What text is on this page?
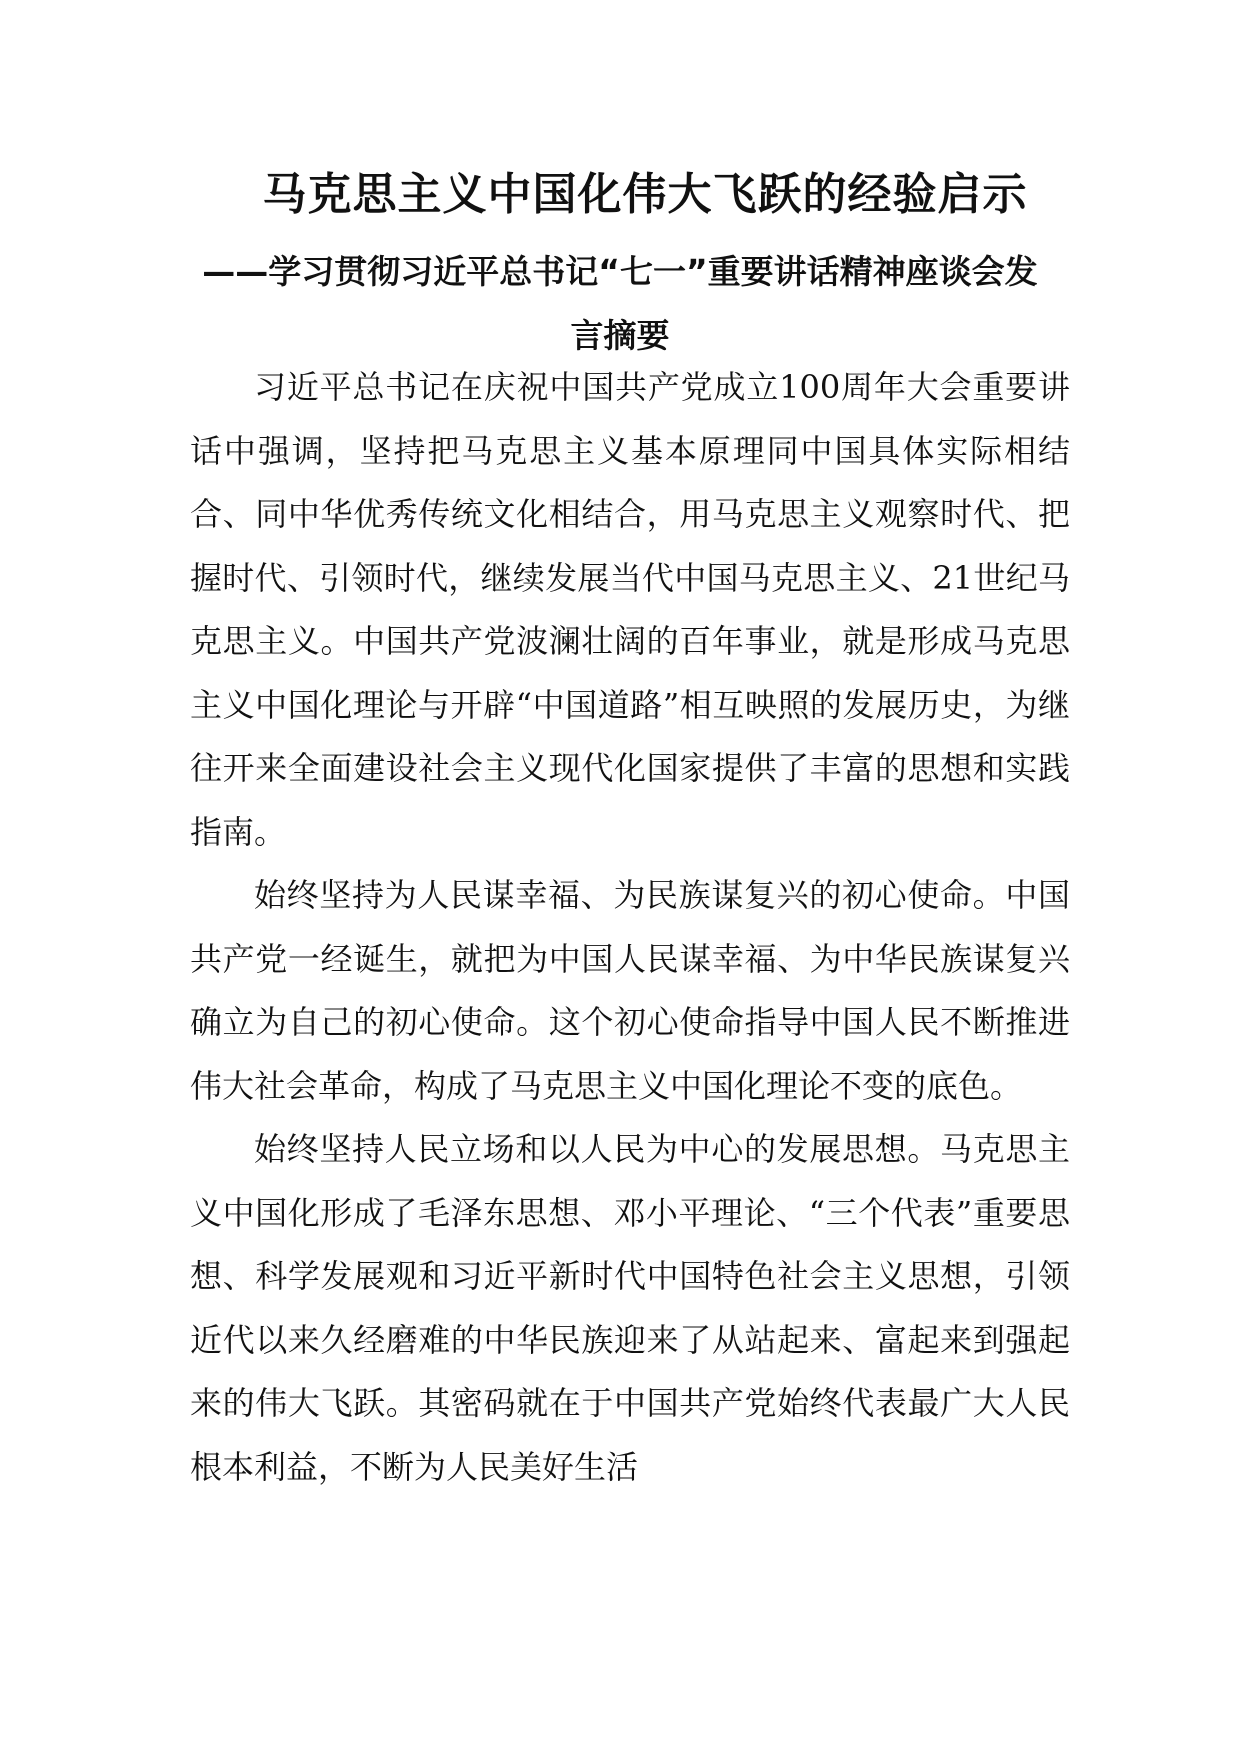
马克思主义中国化伟大飞跃的经验启示
——学习贯彻习近平总书记“七一”重要讲话精神座谈会发言摘要

习近平总书记在庆祝中国共产党成立100周年大会重要讲话中强调，坚持把马克思主义基本原理同中国具体实际相结合、同中华优秀传统文化相结合，用马克思主义观察时代、把握时代、引领时代，继续发展当代中国马克思主义、21世纪马克思主义。中国共产党波澜壮阔的百年事业，就是形成马克思主义中国化理论与开辟“中国道路”相互映照的发展历史，为继往开来全面建设社会主义现代化国家提供了丰富的思想和实践指南。

始终坚持为人民谋幸福、为民族谋复兴的初心使命。中国共产党一经诞生，就把为中国人民谋幸福、为中华民族谋复兴确立为自己的初心使命。这个初心使命指导中国人民不断推进伟大社会革命，构成了马克思主义中国化理论不变的底色。

始终坚持人民立场和以人民为中心的发展思想。马克思主义中国化形成了毛泽东思想、邓小平理论、“三个代表”重要思想、科学发展观和习近平新时代中国特色社会主义思想，引领近代以来久经磨难的中华民族迎来了从站起来、富起来到强起来的伟大飞跃。其密码就在于中国共产党始终代表最广大人民根本利益，不断为人民美好生活
